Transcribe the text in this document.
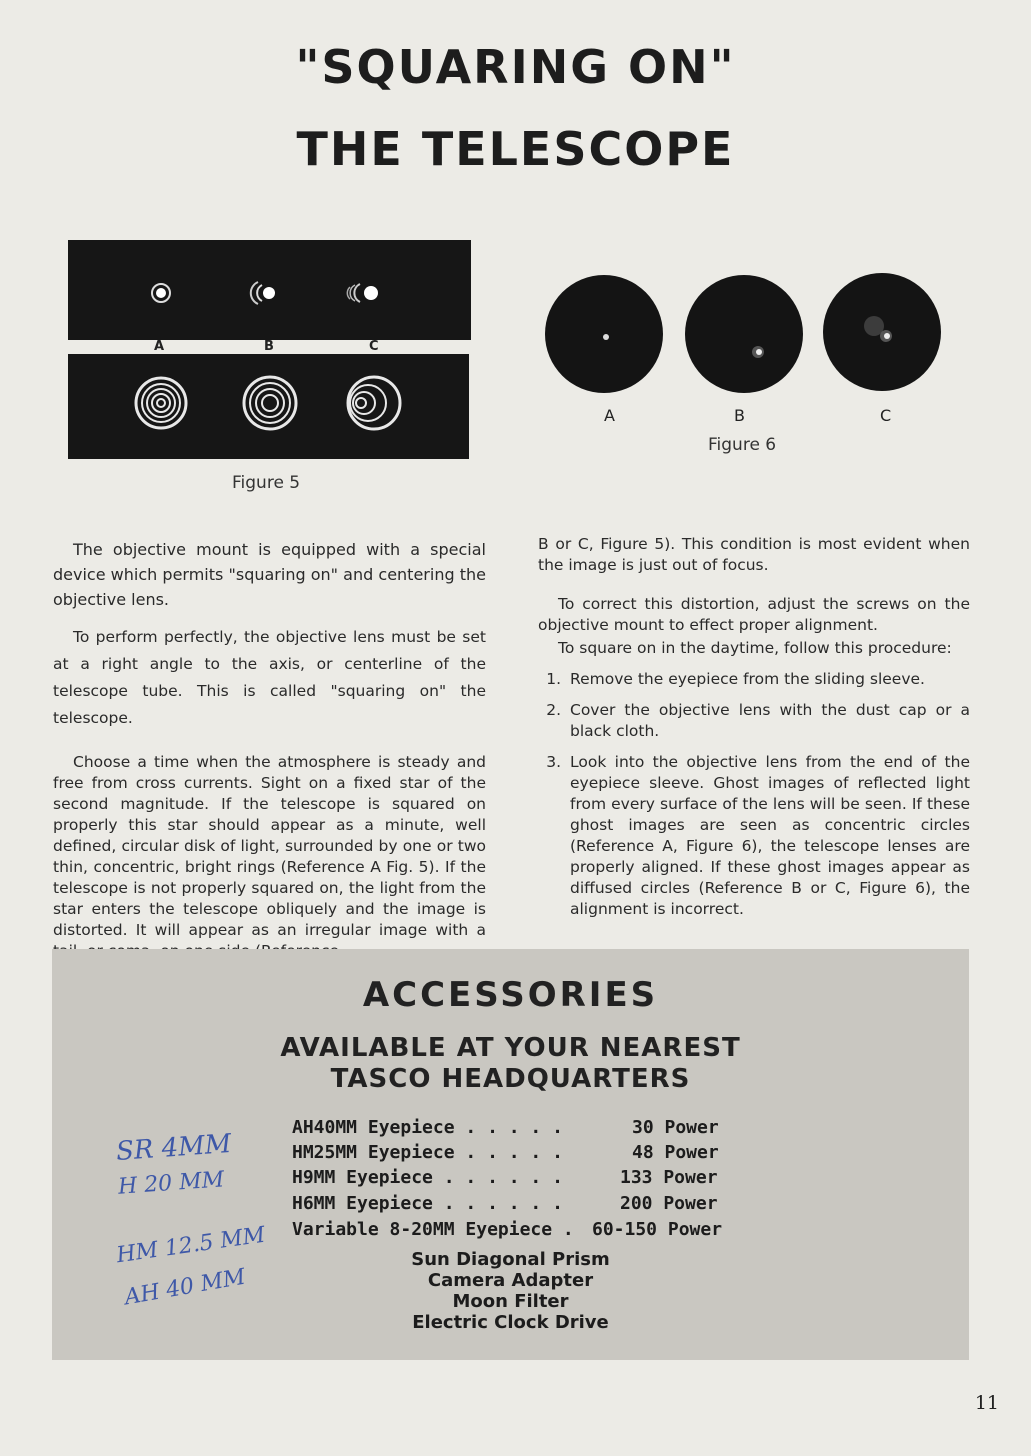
"SQUARING ON"
THE TELESCOPE
A	B	C
Figure 5
A	B	C
Figure 6

The objective mount is equipped with a special device which permits "squaring on" and centering the objective lens.

To perform perfectly, the objective lens must be set at a right angle to the axis, or centerline of the telescope tube. This is called "squaring on" the telescope.

Choose a time when the atmosphere is steady and free from cross currents. Sight on a fixed star of the second magnitude. If the telescope is squared on properly this star should appear as a minute, well defined, circular disk of light, surrounded by one or two thin, concentric, bright rings (Reference A Fig. 5). If the telescope is not properly squared on, the light from the star enters the telescope obliquely and the image is distorted. It will appear as an irregular image with a

B or C, Figure 5). This condition is most evident when the image is just out of focus.

To correct this distortion, adjust the screws on the objective mount to effect proper alignment.

To square on in the daytime, follow this procedure:

1. Remove the eyepiece from the sliding sleeve.
2. Cover the objective lens with the dust cap or a black cloth.
3. Look into the objective lens from the end of the eyepiece sleeve. Ghost images of reflected light from every surface of the lens will be seen. If these ghost images are seen as concentric circles (Reference A, Figure 6), the telescope lenses are properly aligned. If these ghost images appear as diffused circles (Reference B or C, Figure 6), the alignment is incorrect.
ACCESSORIES
AVAILABLE AT YOUR NEAREST
TASCO HEADQUARTERS
AH40MM Eyepiece . . . . .	30 Power
HM25MM Eyepiece . . . . .	48 Power
H9MM Eyepiece . . . . . .	133 Power
H6MM Eyepiece . . . . . .	200 Power
Variable 8-20MM Eyepiece . 60-150 Power
Sun Diagonal Prism
Camera Adapter
Moon Filter
Electric Clock Drive
SR 4MM
H 20 MM
HM 12.5 MM
AH 40 MM
11
